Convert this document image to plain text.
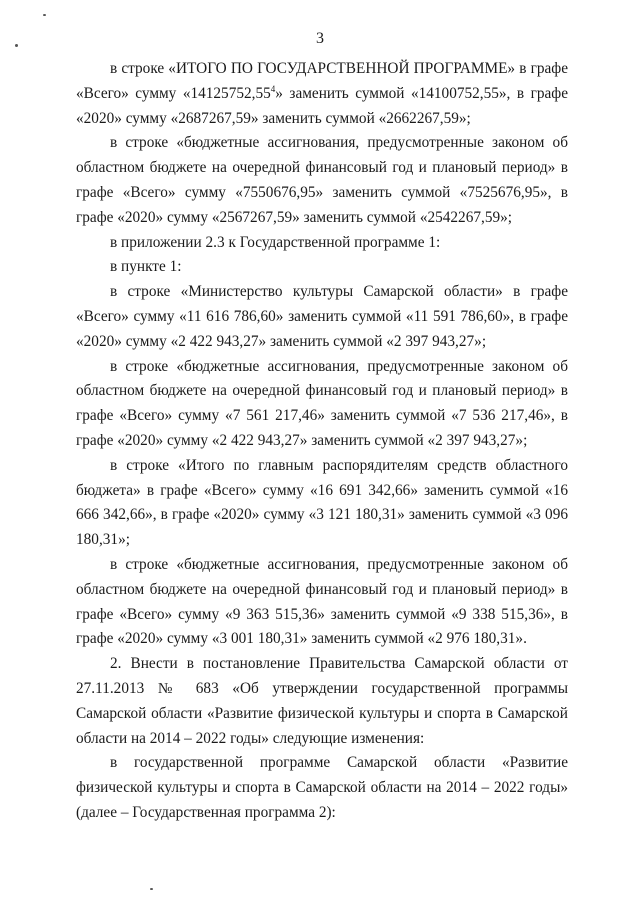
3

в строке «ИТОГО ПО ГОСУДАРСТВЕННОЙ ПРОГРАММЕ» в графе «Всего» сумму «14125752,55$^4$» заменить суммой «14100752,55», в графе «2020» сумму «2687267,59» заменить суммой «2662267,59»;

в строке «бюджетные ассигнования, предусмотренные законом об областном бюджете на очередной финансовый год и плановый период» в графе «Всего» сумму «7550676,95» заменить суммой «7525676,95», в графе «2020» сумму «2567267,59» заменить суммой «2542267,59»;

в приложении 2.3 к Государственной программе 1:

в пункте 1:

в строке «Министерство культуры Самарской области» в графе «Всего» сумму «11 616 786,60» заменить суммой «11 591 786,60», в графе «2020» сумму «2 422 943,27» заменить суммой «2 397 943,27»;

в строке «бюджетные ассигнования, предусмотренные законом об областном бюджете на очередной финансовый год и плановый период» в графе «Всего» сумму «7 561 217,46» заменить суммой «7 536 217,46», в графе «2020» сумму «2 422 943,27» заменить суммой «2 397 943,27»;

в строке «Итого по главным распорядителям средств областного бюджета» в графе «Всего» сумму «16 691 342,66» заменить суммой «16 666 342,66», в графе «2020» сумму «3 121 180,31» заменить суммой «3 096 180,31»;

в строке «бюджетные ассигнования, предусмотренные законом об областном бюджете на очередной финансовый год и плановый период» в графе «Всего» сумму «9 363 515,36» заменить суммой «9 338 515,36», в графе «2020» сумму «3 001 180,31» заменить суммой «2 976 180,31».

2. Внести в постановление Правительства Самарской области от 27.11.2013 № 683 «Об утверждении государственной программы Самарской области «Развитие физической культуры и спорта в Самарской области на 2014 – 2022 годы» следующие изменения:

в государственной программе Самарской области «Развитие физической культуры и спорта в Самарской области на 2014 – 2022 годы» (далее – Государственная программа 2):
